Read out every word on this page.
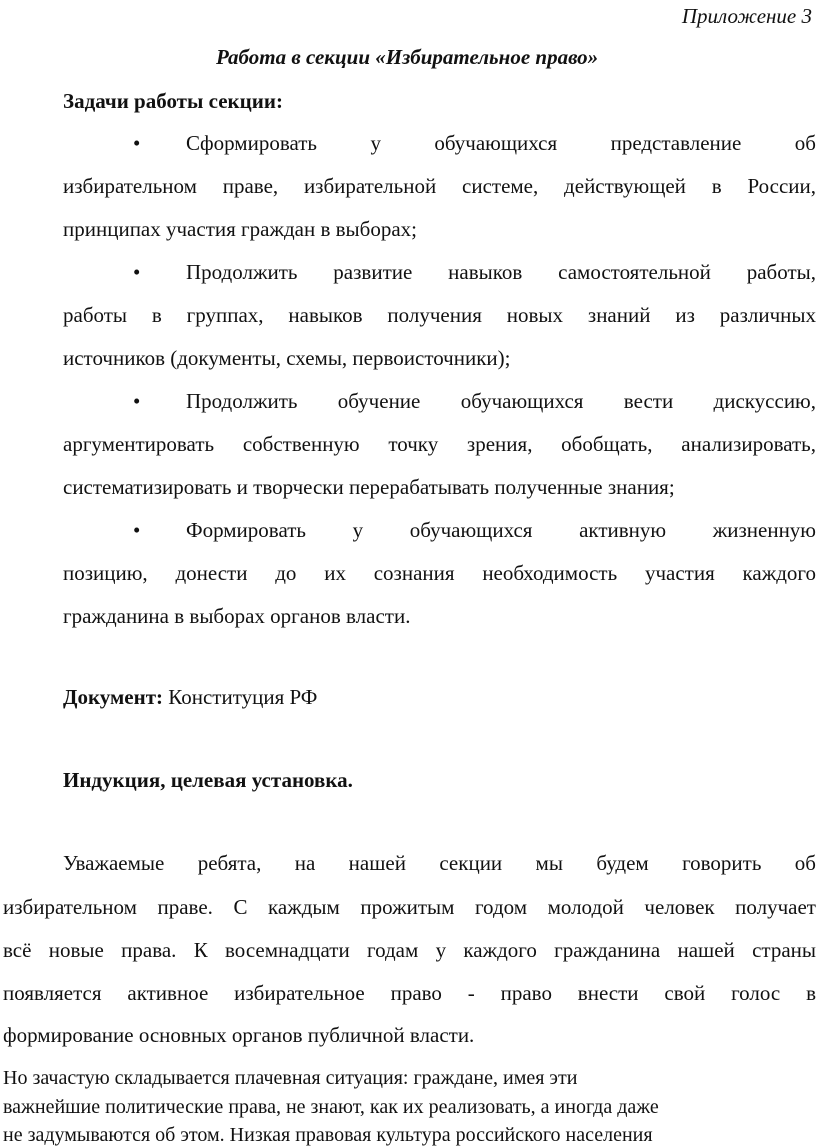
Приложение 3
Работа в секции «Избирательное право»
Задачи работы секции:
• Сформировать у обучающихся представление об
избирательном праве, избирательной системе, действующей в России,
принципах участия граждан в выборах;
• Продолжить развитие навыков самостоятельной работы,
работы в группах, навыков получения новых знаний из различных
источников (документы, схемы, первоисточники);
• Продолжить обучение обучающихся вести дискуссию,
аргументировать собственную точку зрения, обобщать, анализировать,
систематизировать и творчески перерабатывать полученные знания;
• Формировать у обучающихся активную жизненную
позицию, донести до их сознания необходимость участия каждого
гражданина в выборах органов власти.
Документ: Конституция РФ
Индукция, целевая установка.
Уважаемые ребята, на нашей секции мы будем говорить об
избирательном праве. С каждым прожитым годом молодой человек получает
всё новые права. К восемнадцати годам у каждого гражданина нашей страны
появляется активное избирательное право - право внести свой голос в
формирование основных органов публичной власти.
Но зачастую складывается плачевная ситуация: граждане, имея эти
важнейшие политические права, не знают, как их реализовать, а иногда даже
не задумываются об этом. Низкая правовая культура российского населения
